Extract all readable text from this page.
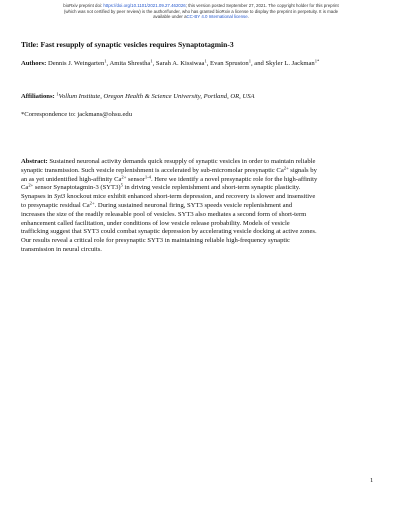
bioRxiv preprint doi: https://doi.org/10.1101/2021.09.27.462026; this version posted September 27, 2021. The copyright holder for this preprint
(which was not certified by peer review) is the author/funder, who has granted bioRxiv a license to display the preprint in perpetuity. It is made
available under aCC-BY 4.0 International license.
Title: Fast resupply of synaptic vesicles requires Synaptotagmin-3
Authors: Dennis J. Weingarten$^1$, Amita Shrestha$^1$, Sarah A. Kissiwaa$^1$, Evan Spruston$^1$, and Skyler L. Jackman$^{1*}$
Affiliations: $^1$Vollum Institute, Oregon Health & Science University, Portland, OR, USA
*Correspondence to: jackmans@ohsu.edu
Abstract: Sustained neuronal activity demands quick resupply of synaptic vesicles in order to maintain reliable
synaptic transmission. Such vesicle replenishment is accelerated by sub-micromolar presynaptic $Ca^{2+}$ signals by
an as yet unidentified high-affinity $Ca^{2+}$ sensor$^{1-4}$. Here we identify a novel presynaptic role for the high-affinity
$Ca^{2+}$ sensor Synaptotagmin-3 $(SYT3)^5$ in driving vesicle replenishment and short-term synaptic plasticity.
Synapses in Syt3 knockout mice exhibit enhanced short-term depression, and recovery is slower and insensitive
to presynaptic residual $Ca^{2+}$. During sustained neuronal firing, SYT3 speeds vesicle replenishment and
increases the size of the readily releasable pool of vesicles. SYT3 also mediates a second form of short-term
enhancement called facilitation, under conditions of low vesicle release probability. Models of vesicle
trafficking suggest that SYT3 could combat synaptic depression by accelerating vesicle docking at active zones.
Our results reveal a critical role for presynaptic SYT3 in maintaining reliable high-frequency synaptic
transmission in neural circuits.
1
